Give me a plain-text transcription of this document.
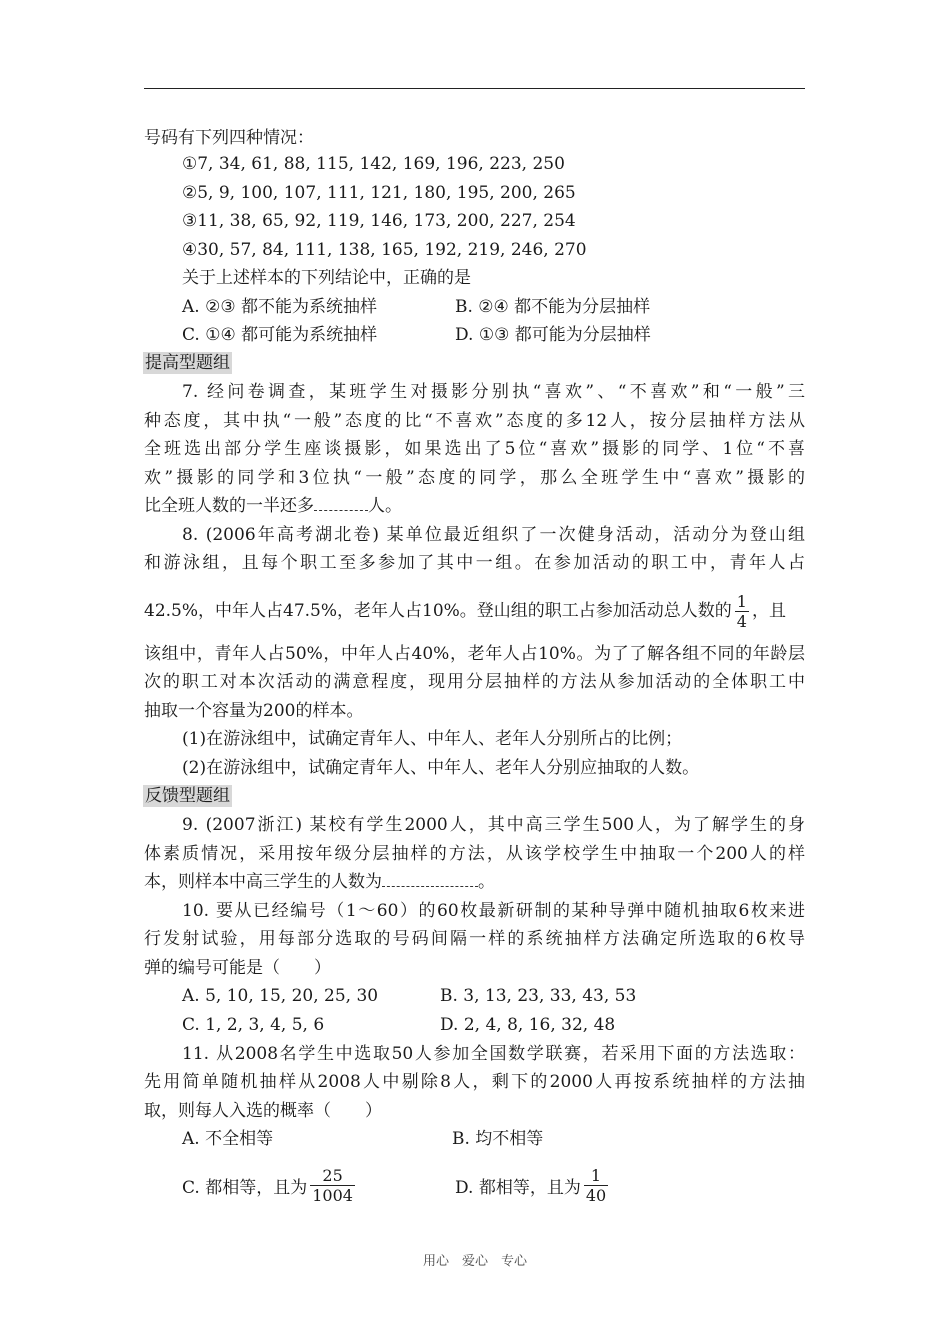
号码有下列四种情况：
①7, 34, 61, 88, 115, 142, 169, 196, 223, 250
②5, 9, 100, 107, 111, 121, 180, 195, 200, 265
③11, 38, 65, 92, 119, 146, 173, 200, 227, 254
④30, 57, 84, 111, 138, 165, 192, 219, 246, 270
关于上述样本的下列结论中，正确的是
A. ②③ 都不能为系统抽样	B. ②④ 都不能为分层抽样
C. ①④ 都可能为系统抽样	D. ①③ 都可能为分层抽样
提高型题组
7. 经问卷调查，某班学生对摄影分别执“喜欢”、“不喜欢”和“一般”三
种态度，其中执“一般”态度的比“不喜欢”态度的多12人，按分层抽样方法从
全班选出部分学生座谈摄影，如果选出了5位“喜欢”摄影的同学、1位“不喜
欢”摄影的同学和3位执“一般”态度的同学，那么全班学生中“喜欢”摄影的
比全班人数的一半还多	人。
8. (2006年高考湖北卷) 某单位最近组织了一次健身活动，活动分为登山组
和游泳组，且每个职工至多参加了其中一组。在参加活动的职工中，青年人占
42.5%，中年人占47.5%，老年人占10%。登山组的职工占参加活动总人数的 $\frac{1}{4}$ ，且
该组中，青年人占50%，中年人占40%，老年人占10%。为了了解各组不同的年龄层
次的职工对本次活动的满意程度，现用分层抽样的方法从参加活动的全体职工中
抽取一个容量为200的样本。
(1)在游泳组中，试确定青年人、中年人、老年人分别所占的比例；
(2)在游泳组中，试确定青年人、中年人、老年人分别应抽取的人数。
反馈型题组
9. (2007浙江) 某校有学生2000人，其中高三学生500人，为了解学生的身
体素质情况，采用按年级分层抽样的方法，从该学校学生中抽取一个200人的样
本，则样本中高三学生的人数为	。
10. 要从已经编号（1～60）的60枚最新研制的某种导弹中随机抽取6枚来进
行发射试验，用每部分选取的号码间隔一样的系统抽样方法确定所选取的6枚导
弹的编号可能是（　　）
A. 5, 10, 15, 20, 25, 30	B. 3, 13, 23, 33, 43, 53
C. 1, 2, 3, 4, 5, 6	D. 2, 4, 8, 16, 32, 48
11. 从2008名学生中选取50人参加全国数学联赛，若采用下面的方法选取：
先用简单随机抽样从2008人中剔除8人，剩下的2000人再按系统抽样的方法抽
取，则每人入选的概率（　　）
A. 不全相等	B. 均不相等
C. 都相等，且为 $\frac{25}{1004}$	D. 都相等，且为 $\frac{1}{40}$
用心　爱心　专心
